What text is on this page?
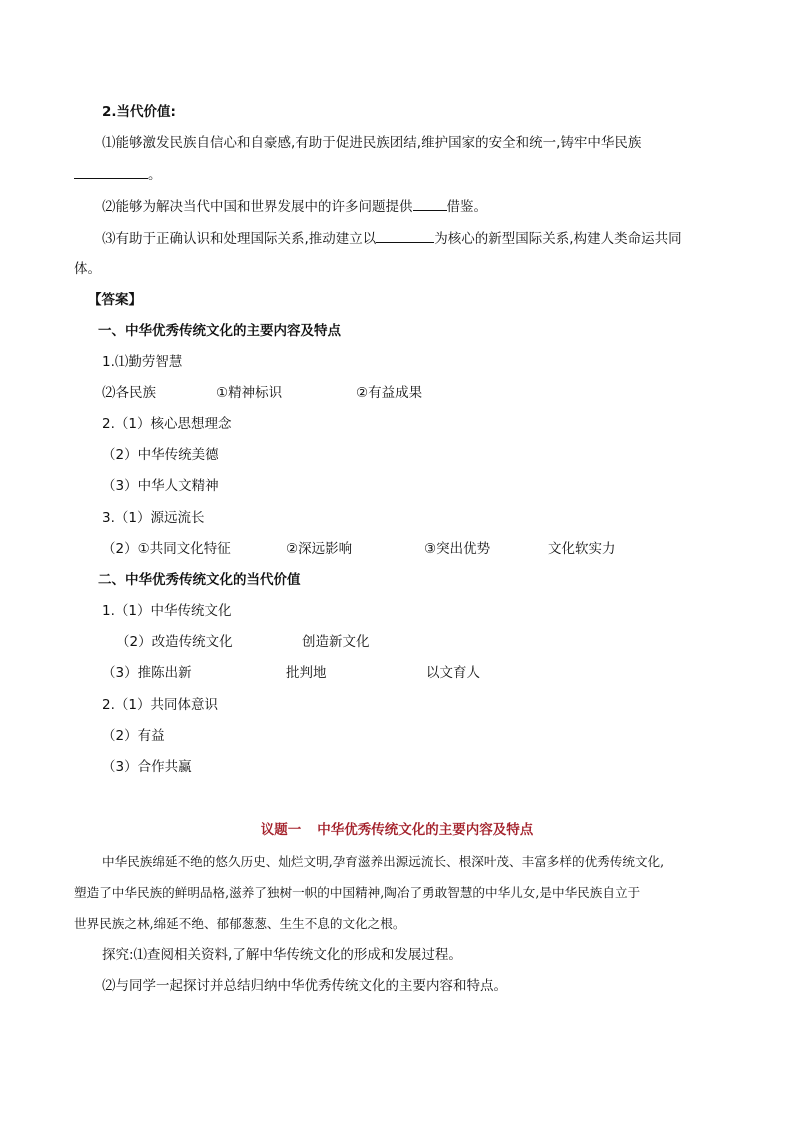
2.当代价值:
⑴能够激发民族自信心和自豪感,有助于促进民族团结,维护国家的安全和统一,铸牢中华民族
。
⑵能够为解决当代中国和世界发展中的许多问题提供	借鉴。
⑶有助于正确认识和处理国际关系,推动建立以	为核心的新型国际关系,构建人类命运共同
体。
【答案】
一、中华优秀传统文化的主要内容及特点
1.⑴勤劳智慧
⑵各民族	①精神标识	②有益成果
2.（1）核心思想理念
（2）中华传统美德
（3）中华人文精神
3.（1）源远流长
（2）①共同文化特征	②深远影响	③突出优势	文化软实力
二、中华优秀传统文化的当代价值
1.（1）中华传统文化
（2）改造传统文化	创造新文化
（3）推陈出新	批判地	以文育人
2.（1）共同体意识
（2）有益
（3）合作共赢
议题一 中华优秀传统文化的主要内容及特点
中华民族绵延不绝的悠久历史、灿烂文明,孕育滋养出源远流长、根深叶茂、丰富多样的优秀传统文化,
塑造了中华民族的鲜明品格,滋养了独树一帜的中国精神,陶冶了勇敢智慧的中华儿女,是中华民族自立于
世界民族之林,绵延不绝、郁郁葱葱、生生不息的文化之根。
探究:⑴查阅相关资料,了解中华传统文化的形成和发展过程。
⑵与同学一起探讨并总结归纳中华优秀传统文化的主要内容和特点。
